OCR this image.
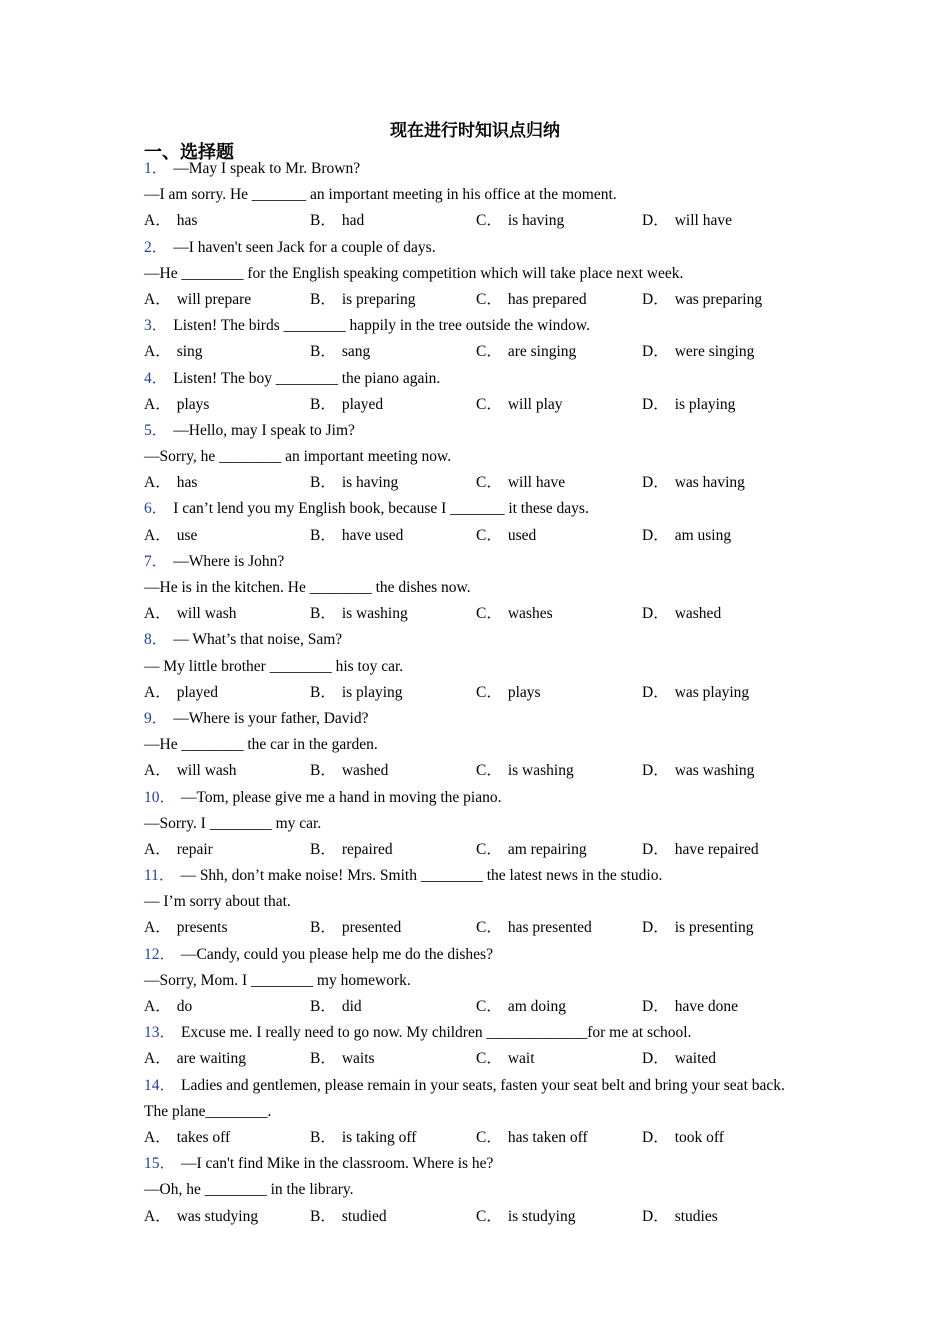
现在进行时知识点归纳
一、选择题
1． —May I speak to Mr. Brown?
—I am sorry. He _______ an important meeting in his office at the moment.
A． has	B． had	C． is having	D． will have
2． —I haven't seen Jack for a couple of days.
—He ________ for the English speaking competition which will take place next week.
A． will prepare	B． is preparing	C． has prepared	D． was preparing
3． Listen! The birds ________ happily in the tree outside the window.
A． sing	B． sang	C． are singing	D． were singing
4． Listen! The boy ________ the piano again.
A． plays	B． played	C． will play	D． is playing
5． —Hello, may I speak to Jim?
—Sorry, he ________ an important meeting now.
A． has	B． is having	C． will have	D． was having
6． I can’t lend you my English book, because I _______ it these days.
A． use	B． have used	C． used	D． am using
7． —Where is John?
—He is in the kitchen. He ________ the dishes now.
A． will wash	B． is washing	C． washes	D． washed
8． — What’s that noise, Sam?
— My little brother ________ his toy car.
A． played	B． is playing	C． plays	D． was playing
9． —Where is your father, David?
—He ________ the car in the garden.
A． will wash	B． washed	C． is washing	D． was washing
10． —Tom, please give me a hand in moving the piano.
—Sorry. I ________ my car.
A． repair	B． repaired	C． am repairing	D． have repaired
11． — Shh, don’t make noise! Mrs. Smith ________ the latest news in the studio.
— I’m sorry about that.
A． presents	B． presented	C． has presented	D． is presenting
12． —Candy, could you please help me do the dishes?
—Sorry, Mom. I ________ my homework.
A． do	B． did	C． am doing	D． have done
13． Excuse me. I really need to go now. My children _____________for me at school.
A． are waiting	B． waits	C． wait	D． waited
14． Ladies and gentlemen, please remain in your seats, fasten your seat belt and bring your seat back. The plane________.
A． takes off	B． is taking off	C． has taken off	D． took off
15． —I can't find Mike in the classroom. Where is he?
—Oh, he ________ in the library.
A． was studying	B． studied	C． is studying	D． studies
